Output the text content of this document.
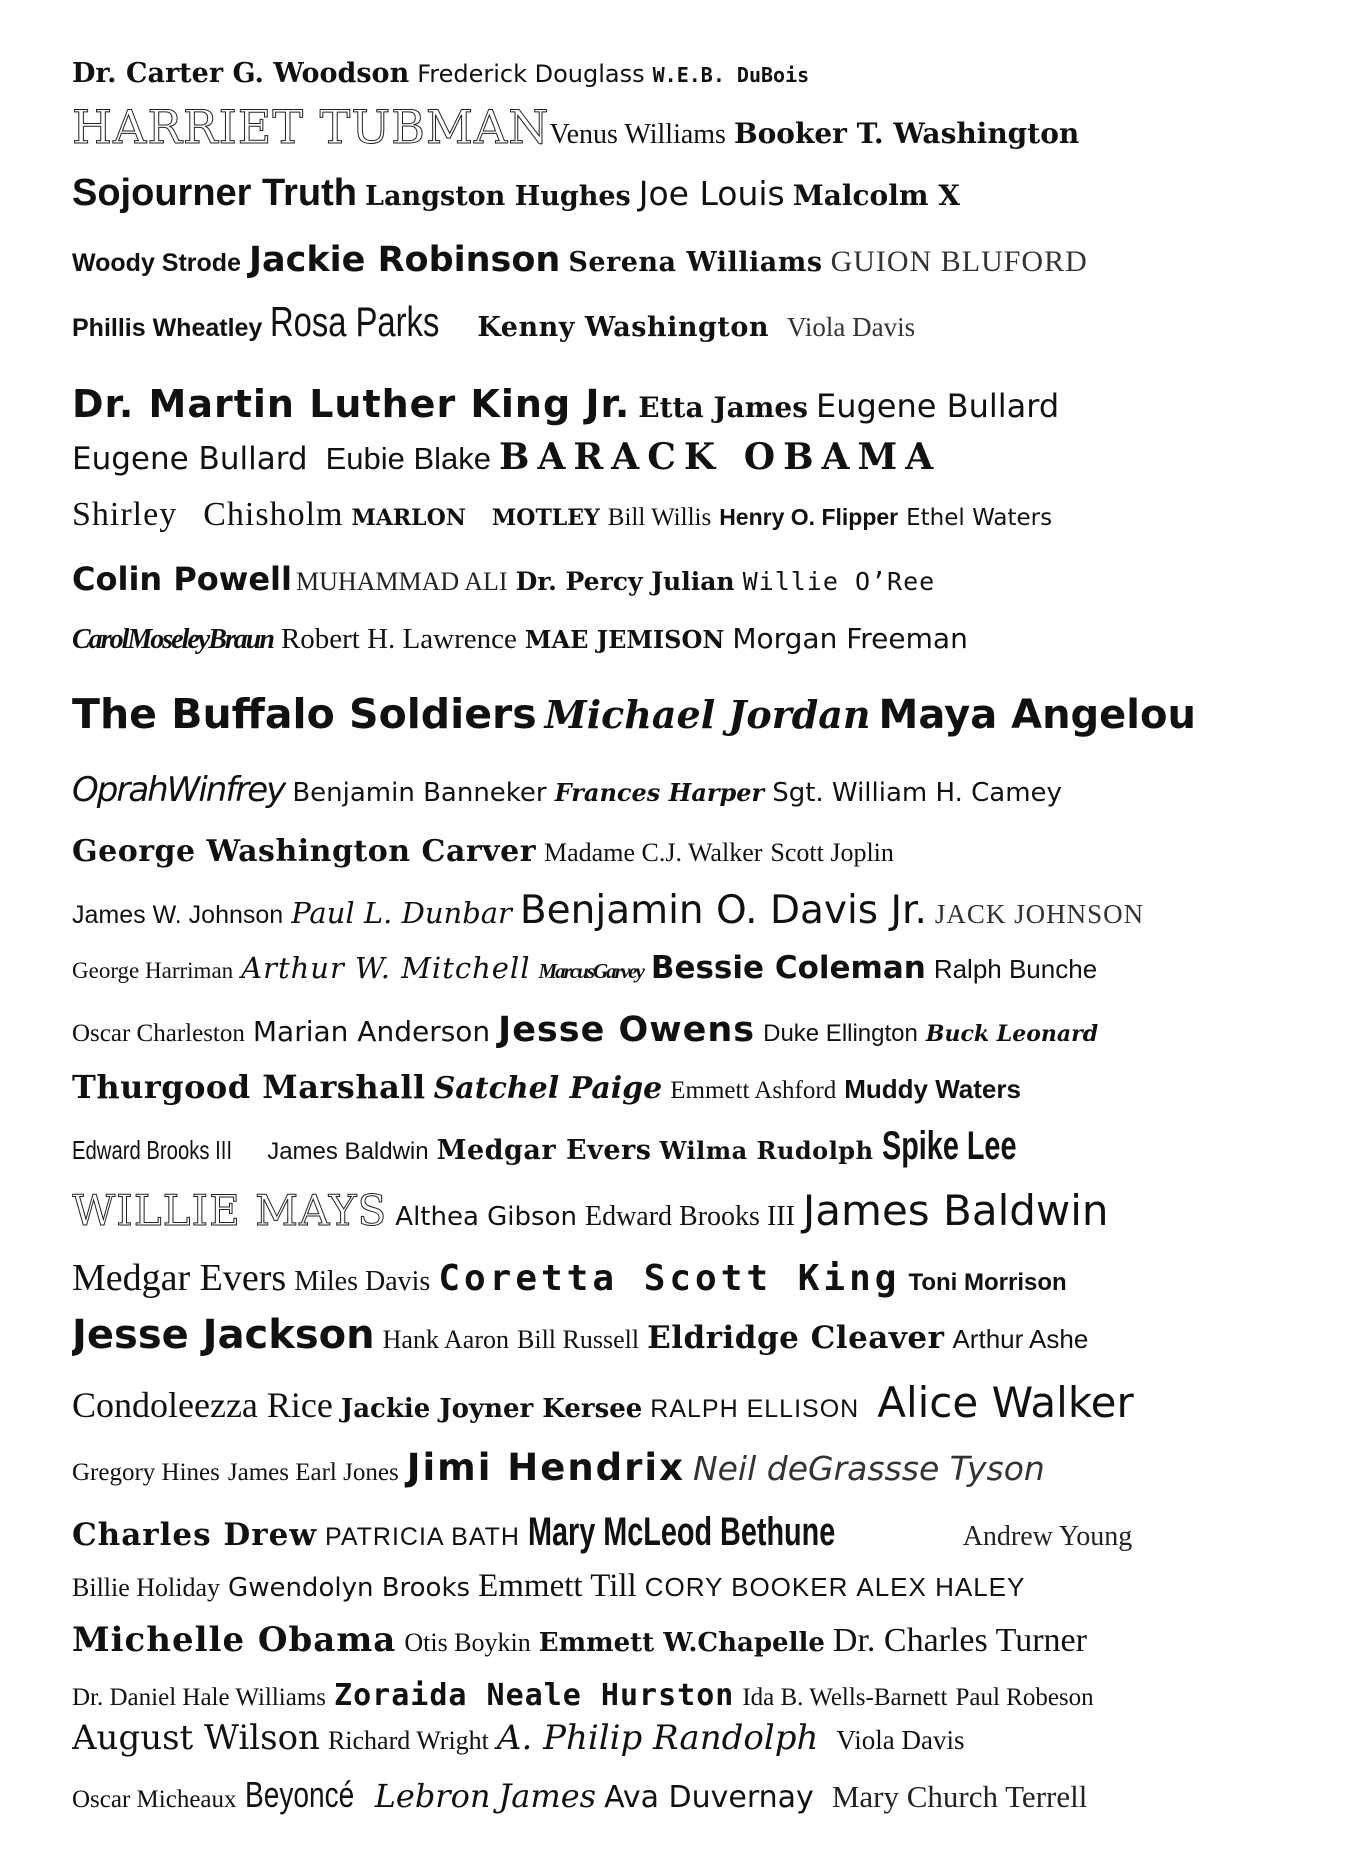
Dr. Carter G. Woodson Frederick Douglass W.E.B. DuBois
HARRIET TUBMAN Venus Williams Booker T. Washington
Sojourner Truth Langston Hughes Joe Louis Malcolm X
Woody Strode Jackie Robinson Serena Williams GUION BLUFORD
Phillis Wheatley Rosa Parks Kenny Washington Viola Davis
Dr. Martin Luther King Jr. Etta James Eugene Bullard
Eugene Bullard Eubie Blake BARACK OBAMA
Shirley Chisholm MARLON MOTLEY Bill Willis Henry O. Flipper Ethel Waters
Colin Powell MUHAMMAD ALI Dr. Percy Julian Willie O’Ree
CarolMoseleyBraun Robert H. Lawrence MAE JEMISON Morgan Freeman
The Buffalo Soldiers Michael Jordan Maya Angelou
OprahWinfrey Benjamin Banneker Frances Harper Sgt. William H. Camey
George Washington Carver Madame C.J. Walker Scott Joplin
James W. Johnson Paul L. Dunbar Benjamin O. Davis Jr. JACK JOHNSON
George Harriman Arthur W. Mitchell MarcusGarvey Bessie Coleman Ralph Bunche
Oscar Charleston Marian Anderson Jesse Owens Duke Ellington Buck Leonard
Thurgood Marshall Satchel Paige Emmett Ashford Muddy Waters
Edward Brooks III James Baldwin Medgar Evers Wilma Rudolph Spike Lee
WILLIE MAYS Althea Gibson Edward Brooks III James Baldwin
Medgar Evers Miles Davis Coretta Scott King Toni Morrison
Jesse Jackson Hank Aaron Bill Russell Eldridge Cleaver Arthur Ashe
Condoleezza Rice Jackie Joyner Kersee RALPH ELLISON Alice Walker
Gregory Hines James Earl Jones Jimi Hendrix Neil deGrassse Tyson
Charles Drew PATRICIA BATH Mary McLeod Bethune	Andrew Young
Billie Holiday Gwendolyn Brooks Emmett Till CORY BOOKER ALEX HALEY
Michelle Obama Otis Boykin Emmett W.Chapelle Dr. Charles Turner
Dr. Daniel Hale Williams Zoraida Neale Hurston Ida B. Wells-Barnett Paul Robeson
August Wilson Richard Wright A. Philip Randolph Viola Davis
Oscar Micheaux Beyoncé Lebron James Ava Duvernay Mary Church Terrell
